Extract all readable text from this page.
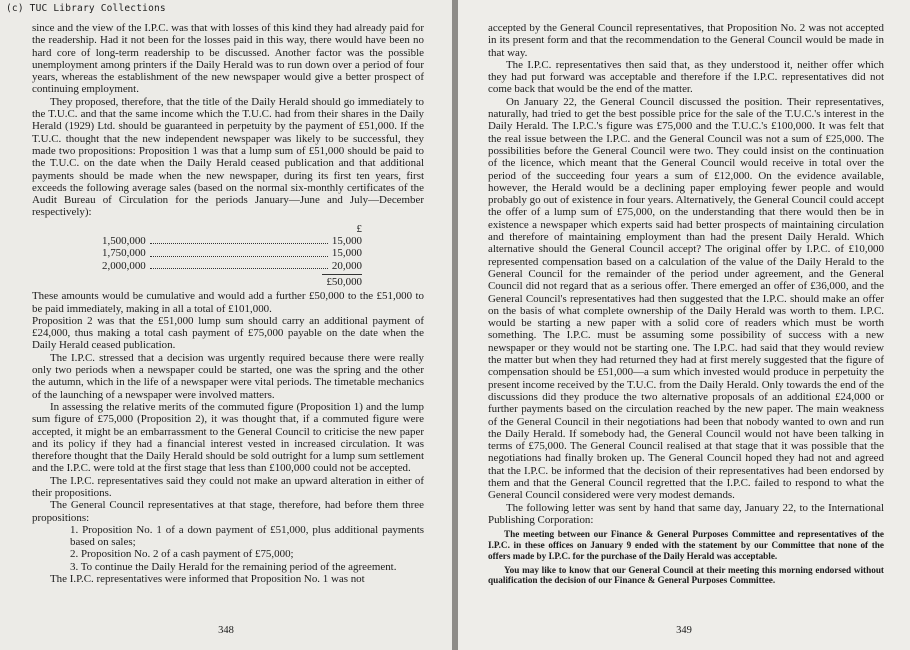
since and the view of the I.P.C. was that with losses of this kind they had already paid for the readership. Had it not been for the losses paid in this way, there would have been no hard core of long-term readership to be discussed. Another factor was the possible unemployment among printers if the Daily Herald was to run down over a period of four years, whereas the establishment of the new newspaper would give a better prospect of continuing employment.

They proposed, therefore, that the title of the Daily Herald should go immediately to the T.U.C. and that the same income which the T.U.C. had from their shares in the Daily Herald (1929) Ltd. should be guaranteed in perpetuity by the payment of £51,000. If the T.U.C. thought that the new independent newspaper was likely to be successful, they made two propositions: Proposition 1 was that a lump sum of £51,000 should be paid to the T.U.C. on the date when the Daily Herald ceased publication and that additional payments should be made when the new newspaper, during its first ten years, first exceeds the following average sales (based on the normal six-monthly certificates of the Audit Bureau of Circulation for the periods January—June and July—December respectively):

£
1,500,000	15,000
1,750,000	15,000
2,000,000	20,000
£50,000

These amounts would be cumulative and would add a further £50,000 to the £51,000 to be paid immediately, making in all a total of £101,000.

Proposition 2 was that the £51,000 lump sum should carry an additional payment of £24,000, thus making a total cash payment of £75,000 payable on the date when the Daily Herald ceased publication.

The I.P.C. stressed that a decision was urgently required because there were really only two periods when a newspaper could be started, one was the spring and the other the autumn, which in the life of a newspaper were vital periods. The timetable mechanics of the launching of a newspaper were involved matters.

In assessing the relative merits of the commuted figure (Proposition 1) and the lump sum figure of £75,000 (Proposition 2), it was thought that, if a commuted figure were accepted, it might be an embarrassment to the General Council to criticise the new paper and its policy if they had a financial interest vested in increased circulation. It was therefore thought that the Daily Herald should be sold outright for a lump sum settlement and the I.P.C. were told at the first stage that less than £100,000 could not be accepted.

The I.P.C. representatives said they could not make an upward alteration in either of their propositions.

The General Council representatives at that stage, therefore, had before them three propositions:

1. Proposition No. 1 of a down payment of £51,000, plus additional payments based on sales;

2. Proposition No. 2 of a cash payment of £75,000;

3. To continue the Daily Herald for the remaining period of the agreement.

The I.P.C. representatives were informed that Proposition No. 1 was not

348

accepted by the General Council representatives, that Proposition No. 2 was not accepted in its present form and that the recommendation to the General Council would be made in that way.

The I.P.C. representatives then said that, as they understood it, neither offer which they had put forward was acceptable and therefore if the I.P.C. representatives did not come back that would be the end of the matter.

On January 22, the General Council discussed the position. Their representatives, naturally, had tried to get the best possible price for the sale of the T.U.C.'s interest in the Daily Herald. The I.P.C.'s figure was £75,000 and the T.U.C.'s £100,000. It was felt that the real issue between the I.P.C. and the General Council was not a sum of £25,000. The possibilities before the General Council were two. They could insist on the continuation of the licence, which meant that the General Council would receive in total over the period of the succeeding four years a sum of £12,000. On the evidence available, however, the Herald would be a declining paper employing fewer people and would probably go out of existence in four years. Alternatively, the General Council could accept the offer of a lump sum of £75,000, on the understanding that there would then be in existence a newspaper which experts said had better prospects of maintaining circulation and therefore of maintaining employment than had the present Daily Herald. Which alternative should the General Council accept? The original offer by I.P.C. of £10,000 represented compensation based on a calculation of the value of the Daily Herald to the General Council for the remainder of the period under agreement, and the General Council did not regard that as a serious offer. There emerged an offer of £36,000, and the General Council's representatives had then suggested that the I.P.C. should make an offer on the basis of what complete ownership of the Daily Herald was worth to them. I.P.C. would be starting a new paper with a solid core of readers which must be worth something. The I.P.C. must be assuming some possibility of success with a new newspaper or they would not be starting one. The I.P.C. had said that they would review the matter but when they had returned they had at first merely suggested that the figure of compensation should be £51,000—a sum which invested would produce in perpetuity the present income received by the T.U.C. from the Daily Herald. Only towards the end of the discussions did they produce the two alternative proposals of an additional £24,000 or further payments based on the circulation reached by the new paper. The main weakness of the General Council in their negotiations had been that nobody wanted to own and run the Daily Herald. If somebody had, the General Council would not have been talking in terms of £75,000. The General Council realised at that stage that it was possible that the negotiations had finally broken up. The General Council hoped they had not and agreed that the I.P.C. be informed that the decision of their representatives had been endorsed by them and that the General Council regretted that the I.P.C. failed to respond to what the General Council considered were very modest demands.

The following letter was sent by hand that same day, January 22, to the International Publishing Corporation:

The meeting between our Finance & General Purposes Committee and representatives of the I.P.C. in these offices on January 9 ended with the statement by our Committee that none of the offers made by I.P.C. for the purchase of the Daily Herald was acceptable.

You may like to know that our General Council at their meeting this morning endorsed without qualification the decision of our Finance & General Purposes Committee.

349
(c) TUC Library Collections
